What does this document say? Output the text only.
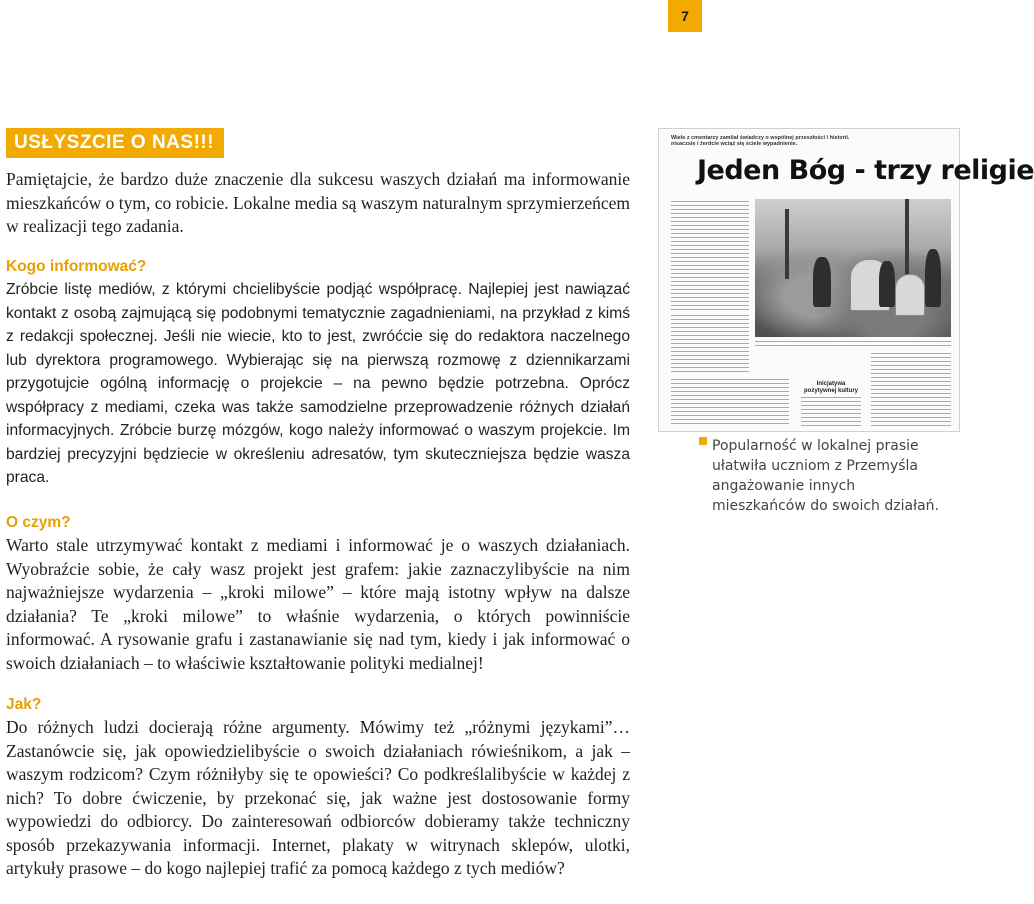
7
USŁYSZCIE O NAS!!!

Pamiętajcie, że bardzo duże znaczenie dla sukcesu waszych działań ma informowanie mieszkańców o tym, co robicie. Lokalne media są waszym naturalnym sprzymierzeńcem w realizacji tego zadania.

Kogo informować?

Zróbcie listę mediów, z którymi chcielibyście podjąć współpracę. Najlepiej jest nawiązać kontakt z osobą zajmującą się podobnymi tematycznie zagadnieniami, na przykład z kimś z redakcji społecznej. Jeśli nie wiecie, kto to jest, zwróćcie się do redaktora naczelnego lub dyrektora programowego. Wybierając się na pierwszą rozmowę z dziennikarzami przygotujcie ogólną informację o projekcie – na pewno będzie potrzebna. Oprócz współpracy z mediami, czeka was także samodzielne przeprowadzenie różnych działań informacyjnych. Zróbcie burzę mózgów, kogo należy informować o waszym projekcie. Im bardziej precyzyjni będziecie w określeniu adresatów, tym skuteczniejsza będzie wasza praca.

O czym?

Warto stale utrzymywać kontakt z mediami i informować je o waszych działaniach. Wyobraźcie sobie, że cały wasz projekt jest grafem: jakie zaznaczylibyście na nim najważniejsze wydarzenia – „kroki milowe” – które mają istotny wpływ na dalsze działania? Te „kroki milowe” to właśnie wydarzenia, o których powinniście informować. A rysowanie grafu i zastanawianie się nad tym, kiedy i jak informować o swoich działaniach – to właściwie kształtowanie polityki medialnej!

Jak?

Do różnych ludzi docierają różne argumenty. Mówimy też „różnymi językami”… Zastanówcie się, jak opowiedzielibyście o swoich działaniach rówieśnikom, a jak – waszym rodzicom? Czym różniłyby się te opowieści? Co podkreślalibyście w każdej z nich? To dobre ćwiczenie, by przekonać się, jak ważne jest dostosowanie formy wypowiedzi do odbiorcy. Do zainteresowań odbiorców dobieramy także techniczny sposób przekazywania informacji. Internet, plakaty w witrynach sklepów, ulotki, artykuły prasowe – do kogo najlepiej trafić za pomocą każdego z tych mediów?

Wiele z cmentarzy zamilał świadczy o wspólnej przeszłości i historii. nisaczsie i żerdcie wciąż się ściele wypadnienie.
Jeden Bóg - trzy religie
Inicjatywa pozytywnej kultury
Popularność w lokalnej prasie ułatwiła uczniom z Przemyśla angażowanie innych mieszkańców do swoich działań.
